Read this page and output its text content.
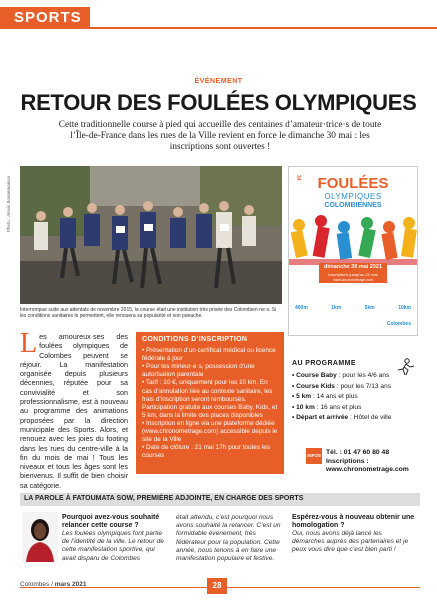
SPORTS
ÉVÉNEMENT
RETOUR DES FOULÉES OLYMPIQUES
Cette traditionnelle course à pied qui accueille des centaines d’amateur·trice·s de toute l’Île-de-France dans les rues de la Ville revient en force le dimanche 30 mai : les inscriptions sont ouvertes !
Photo : Alexis Bonnemaison
Interrompue suite aux attentats de novembre 2015, la course était une institution très prisée des Colombien·ne·s. Si les conditions sanitaires le permettent, elle renouera sa popularité et son panache.
34	FOULÉES
OLYMPIQUES
COLOMBIENNES
dimanche 30 mai 2021
inscriptions jusqu’au 21 mai
www.chronometrage.com
400m	1km	5km	10km
Colombes
Les amoureux·ses des foulées olympiques de Colombes peuvent se réjouir. La manifestation organisée depuis plusieurs décennies, réputée pour sa convivialité et son professionnalisme, est à nouveau au programme des animations proposées par la direction municipale des Sports. Alors, et renouez avec les joies du footing dans les rues du centre-ville à la fin du mois de mai ! Tous les niveaux et tous les âges sont les bienvenus. Il suffit de bien choisir sa catégorie.
CONDITIONS D’INSCRIPTION

• Présentation d’un certificat médical ou licence fédérale à jour

• Pour les mineur·e·s, possession d’une autorisation parentale

• Tarif : 10 €, uniquement pour les 10 km. En cas d’annulation liée au contexte sanitaire, les frais d’inscription seront remboursés. Participation gratuite aux courses Baby, Kids, et 5 km, dans la limite des places disponibles

• Inscription en ligne via une plateforme dédiée (www.chronometrage.com) accessible depuis le site de la Ville

• Date de clôture : 21 mai 17h pour toutes les courses

AU PROGRAMME
• Course Baby : pour les 4/6 ans
• Course Kids : pour les 7/13 ans
• 5 km : 14 ans et plus
• 10 km : 16 ans et plus
• Départ et arrivée : Hôtel de ville
INFOS Tél. : 01 47 60 80 48
Inscriptions :
www.chronometrage.com
LA PAROLE À FATOUMATA SOW, PREMIÈRE ADJOINTE, EN CHARGE DES SPORTS
Pourquoi avez-vous souhaité relancer cette course ?
Les foulées olympiques font partie de l’identité de la ville. Le retour de cette manifestation sportive, qui avait disparu de Colombes
était attendu, c’est pourquoi nous avons souhaité la relancer. C’est un formidable événement, très fédérateur pour la population. Cette année, nous tenons à en faire une manifestation populaire et festive.
Espérez-vous à nouveau obtenir une homologation ?
Oui, nous avons déjà lancé les démarches auprès des partenaires et je peux vous dire que c’est bien parti !
Colombes / mars 2021	28
